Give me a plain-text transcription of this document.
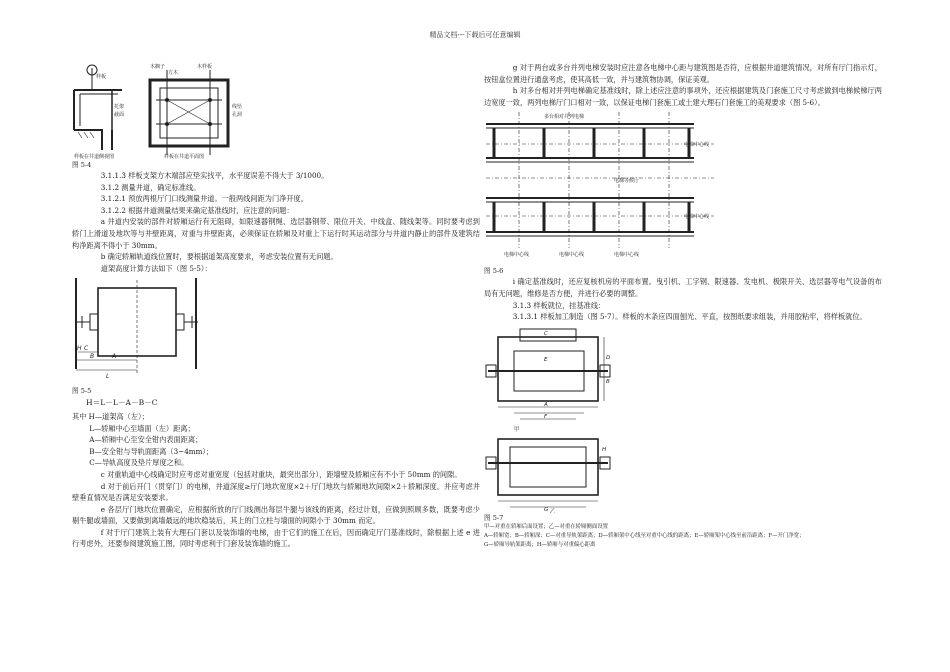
精品文档---下载后可任意编辑
样板
木搁子
方木
木样板
线坠
孔洞
托架
截面
样板在井道侧视图	样板在井道平面图

图 5-4

3.1.1.3 样板支架方木端部应垫实找平，水平度误差不得大于 3/1000。

3.1.2 测量井道，确定标准线。

3.1.2.1 预放两根厅门口线测量井道。一般两线间距为门净开度。

3.1.2.2 根据井道测量结果来确定基准线时，应注意的问题：

a 井道内安装的部件对轿厢运行有无阻碍，如限速器钢绳、选层器钢带、限位开关、中线盒、随线架等。同时要考虑到轿门上滑道及地坎等与井壁距离，对重与井壁距离，必须保证在轿厢及对重上下运行时其运动部分与井道内静止的部件及建筑结构净距离不得小于 30mm。

b 确定轿厢轨道线位置时，要根据道架高度要求，考虑安装位置有无问题。

道架高度计算方法如下（图 5-5）：

H C
A
B
L

图 5-5

H＝L－L－A－B－C

其中 H—道架高（左）；

L—轿厢中心至墙面（左）距离；

A—轿厢中心至安全钳内表面距离；

B—安全钳与导轨面距离（3~4mm）；

C—导轨高度及垫片厚度之和。

c 对重轨道中心线确定时应考虑对重宽度（包括对重块，最突出部分），距墙壁及轿厢应有不小于 50mm 的间隙。

d 对于前后开门（贯穿门）的电梯，井道深度≥厅门地坎宽度×2＋厅门地坎与轿厢地坎间隙×2＋轿厢深度。并应考虑井壁垂直情况是否满足安装要求。

e 各层厅门地坎位置确定，应根据所放的厅门线测出每层牛腿与该线的距离，经过计划，应做到照顾多数，既要考虑少剔牛腿或墙面，又要做到离墙最远的地坎稳装后，其上的门立柱与墙面的间隙小于 30mm 而定。

f 对于厅门建筑上装有大理石门套以及装饰墙的电梯，由于它们的施工在后，因而确定厅门基准线时，除根据上述 e 进行考虑外，还要参阅建筑施工图，同时考虑利于门套及装饰墙的施工。

g 对于两台或多台并列电梯安装时应注意各电梯中心距与建筑图是否符，应根据井道建筑情况，对所有厅门指示灯，按钮盒位置进行通盘考虑，使其高低一致，并与建筑物协调，保证美观。

h 对多台相对并列电梯确定基准线时，除上述应注意的事项外，还应根据建筑及门套施工尺寸考虑做到电梯候梯厅两边宽度一致，两列电梯厅门口相对一致，以保证电梯门套施工或土建大理石门套施工的美观要求（图 5-6）。

多台相对并列电梯
电梯中心线
电梯等候厅
电梯中心线
电梯中心线	电梯中心线	电梯中心线

图 5-6

i 确定基准线时，还应复核机房的平面布置。曳引机、工字钢、限速器、发电机、极限开关、选层器等电气设备的布局有无问题，维修是否方便，并进行必要的调整。

3.1.3 样板就位，挂基准线：

3.1.3.1 样板加工制造（图 5-7）。样板的木条应四面刨光、平直，按图纸要求组装，并用胶粘牢，将样板就位。

C
E
A
F
D
B
G
H
甲
乙

图 5-7

甲—对重在轿厢后面设置；乙—对重在轿厢侧面设置

A—轿厢宽；B—轿厢深；C—对重导轨架距离；D—轿厢架中心线至对重中心线的距离；E—轿厢架中心线至前沿距离；F—开门净宽；

G—轿厢导轨架距离；H—轿厢与对重偏心距离
